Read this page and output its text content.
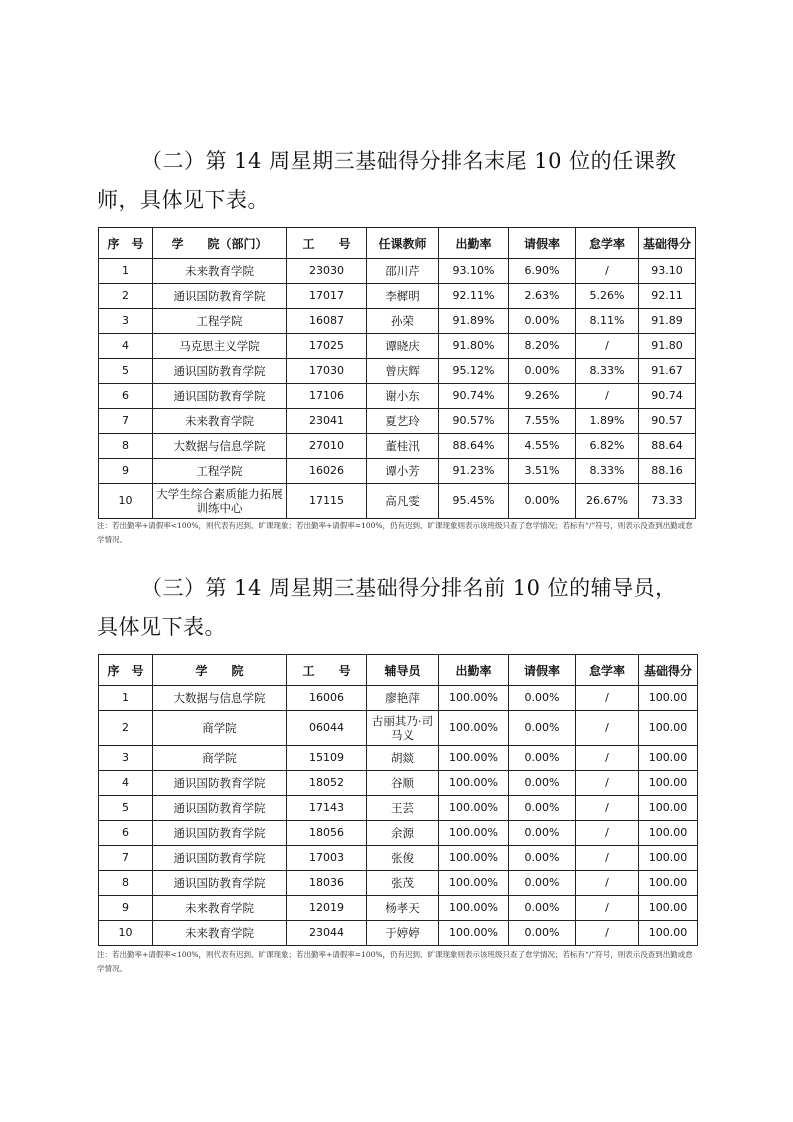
（二）第 14 周星期三基础得分排名末尾 10 位的任课教师，具体见下表。

序　号	学　　院（部门）	工　　号	任课教师	出勤率	请假率	怠学率	基础得分
1	未来教育学院	23030	邵川芹	93.10%	6.90%	/	93.10
2	通识国防教育学院	17017	李樨明	92.11%	2.63%	5.26%	92.11
3	工程学院	16087	孙荣	91.89%	0.00%	8.11%	91.89
4	马克思主义学院	17025	谭晓庆	91.80%	8.20%	/	91.80
5	通识国防教育学院	17030	曾庆辉	95.12%	0.00%	8.33%	91.67
6	通识国防教育学院	17106	谢小东	90.74%	9.26%	/	90.74
7	未来教育学院	23041	夏艺玲	90.57%	7.55%	1.89%	90.57
8	大数据与信息学院	27010	董桂汛	88.64%	4.55%	6.82%	88.64
9	工程学院	16026	谭小芳	91.23%	3.51%	8.33%	88.16
10	大学生综合素质能力拓展训练中心	17115	高凡雯	95.45%	0.00%	26.67%	73.33

注：若出勤率+请假率<100%，则代表有迟到、旷课现象；若出勤率+请假率=100%，仍有迟到、旷课现象则表示该班级只查了怠学情况；若标有“/”符号，则表示没查到出勤或怠学情况。

（三）第 14 周星期三基础得分排名前 10 位的辅导员，具体见下表。

序　号	学　　院	工　　号	辅导员	出勤率	请假率	怠学率	基础得分
1	大数据与信息学院	16006	廖艳萍	100.00%	0.00%	/	100.00
2	商学院	06044	古丽其乃·司马义	100.00%	0.00%	/	100.00
3	商学院	15109	胡燚	100.00%	0.00%	/	100.00
4	通识国防教育学院	18052	谷顺	100.00%	0.00%	/	100.00
5	通识国防教育学院	17143	王芸	100.00%	0.00%	/	100.00
6	通识国防教育学院	18056	余源	100.00%	0.00%	/	100.00
7	通识国防教育学院	17003	张俊	100.00%	0.00%	/	100.00
8	通识国防教育学院	18036	张茂	100.00%	0.00%	/	100.00
9	未来教育学院	12019	杨孝天	100.00%	0.00%	/	100.00
10	未来教育学院	23044	于婷婷	100.00%	0.00%	/	100.00

注：若出勤率+请假率<100%，则代表有迟到、旷课现象；若出勤率+请假率=100%，仍有迟到、旷课现象则表示该班级只查了怠学情况；若标有“/”符号，则表示没查到出勤或怠学情况。
